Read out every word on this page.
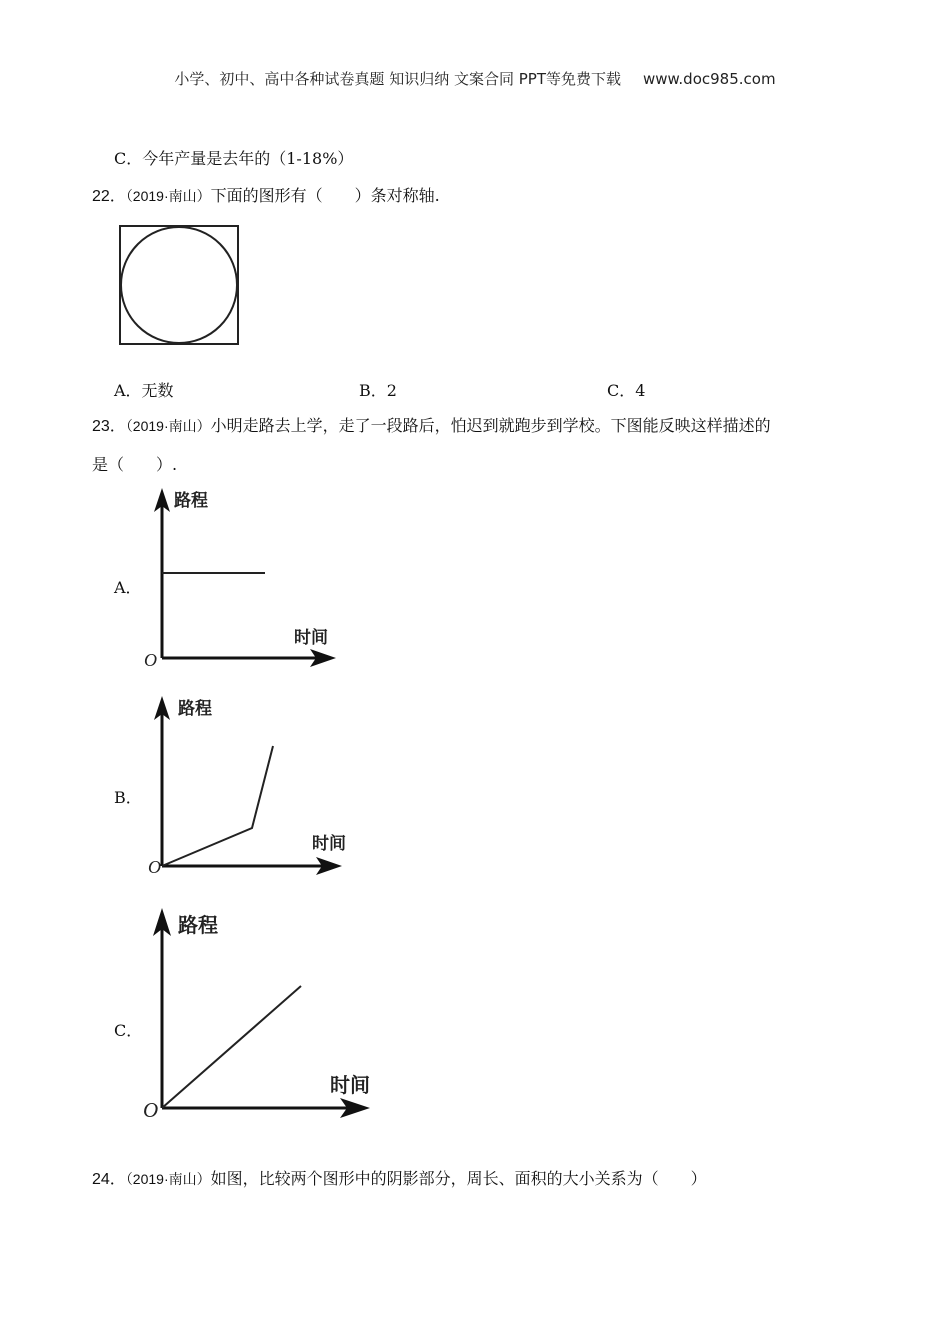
小学、初中、高中各种试卷真题 知识归纳 文案合同 PPT等免费下载 www.doc985.com
C．今年产量是去年的（1-18%）
22．（2019·南山）下面的图形有（　　）条对称轴.
A．无数	B．2	C．4
23．（2019·南山）小明走路去上学，走了一段路后，怕迟到就跑步到学校。下图能反映这样描述的
是（　　）.
A．
路程
时间
O
B．
路程
时间
O
C．
路程
时间
O
24．（2019·南山）如图，比较两个图形中的阴影部分，周长、面积的大小关系为（　　）
